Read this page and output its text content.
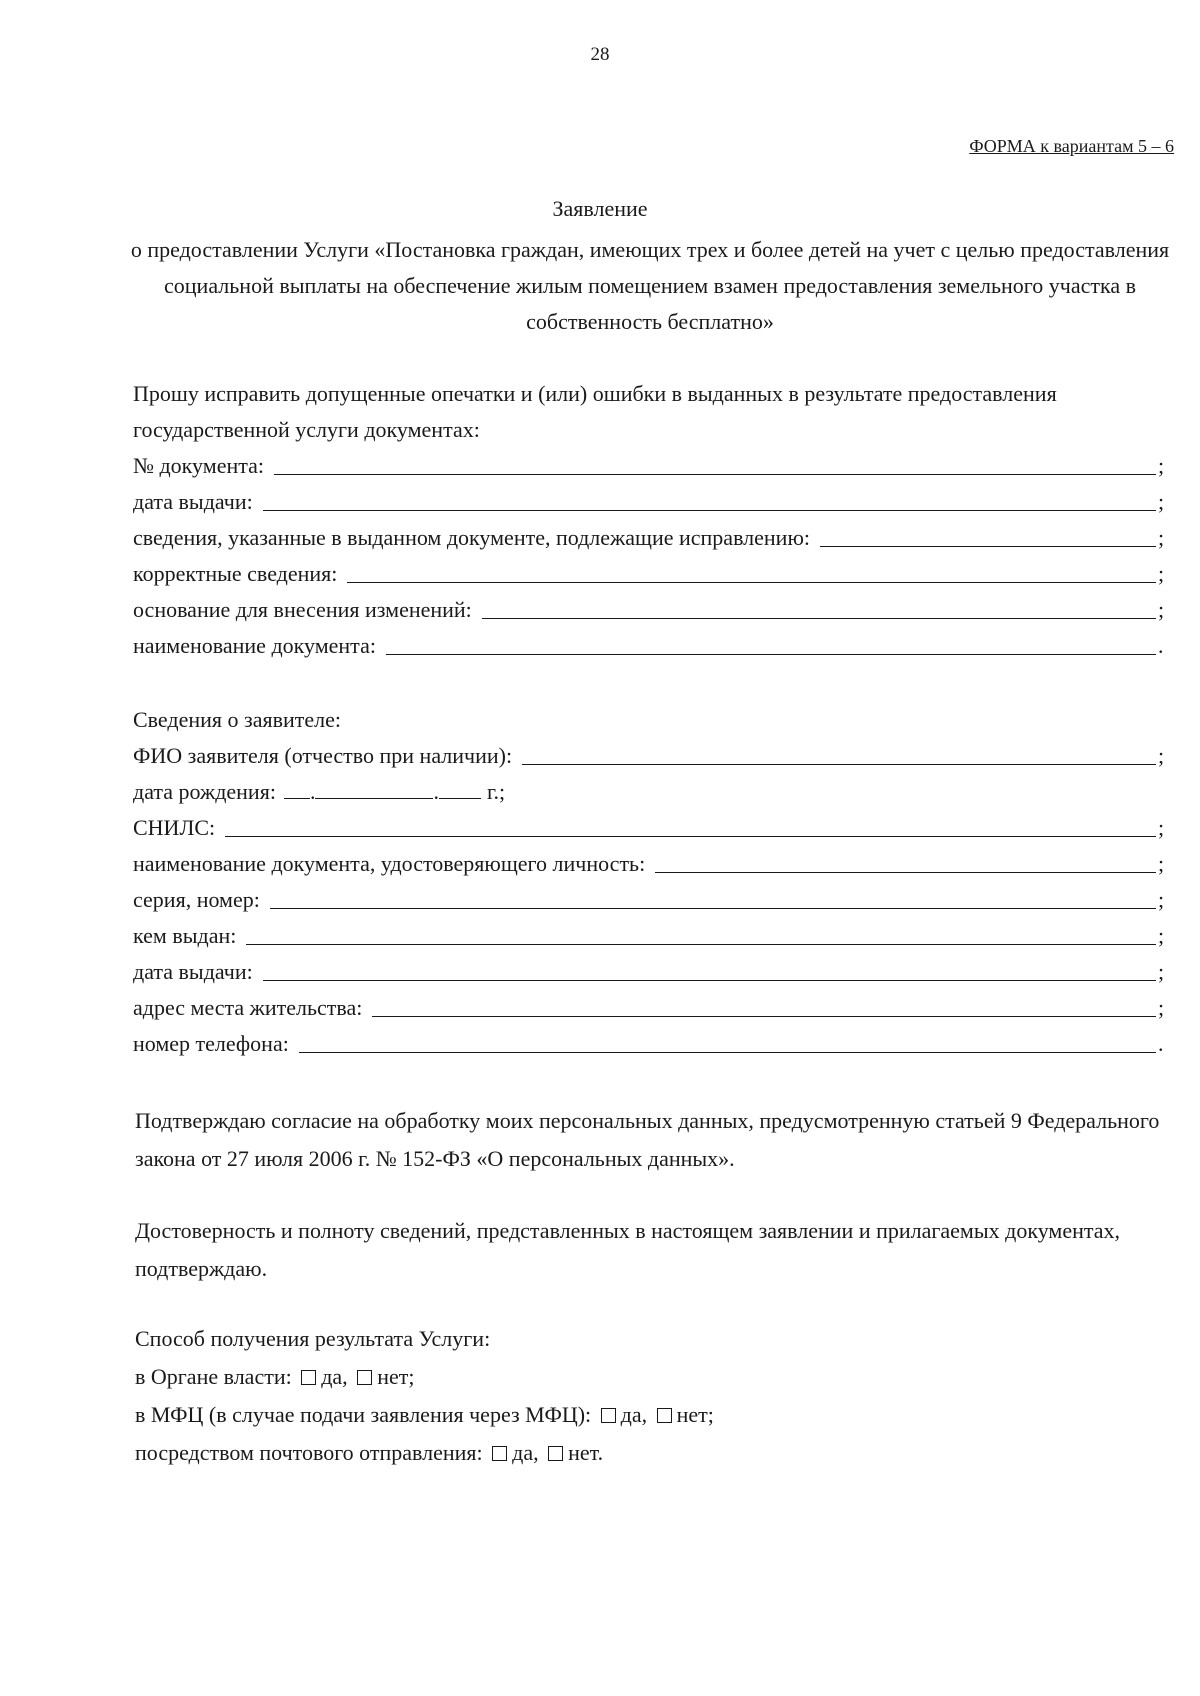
28
ФОРМА к вариантам 5 – 6
Заявление
о предоставлении Услуги «Постановка граждан, имеющих трех и более детей на учет с целью предоставления социальной выплаты на обеспечение жилым помещением взамен предоставления земельного участка в собственность бесплатно»

Прошу исправить допущенные опечатки и (или) ошибки в выданных в результате предоставления государственной услуги документах:

№ документа:	;
дата выдачи:	;
сведения, указанные в выданном документе, подлежащие исправлению:	;
корректные сведения:	;
основание для внесения изменений:	;
наименование документа:	.

Сведения о заявителе:

ФИО заявителя (отчество при наличии):	;
дата рождения: .	. г.;
СНИЛС:	;
наименование документа, удостоверяющего личность:	;
серия, номер:	;
кем выдан:	;
дата выдачи:	;
адрес места жительства:	;
номер телефона:	.

Подтверждаю согласие на обработку моих персональных данных, предусмотренную статьей 9 Федерального закона от 27 июля 2006 г. № 152-ФЗ «О персональных данных».

Достоверность и полноту сведений, представленных в настоящем заявлении и прилагаемых документах, подтверждаю.

Способ получения результата Услуги:

в Органе власти: да, нет;

в МФЦ (в случае подачи заявления через МФЦ): да, нет;

посредством почтового отправления: да, нет.
